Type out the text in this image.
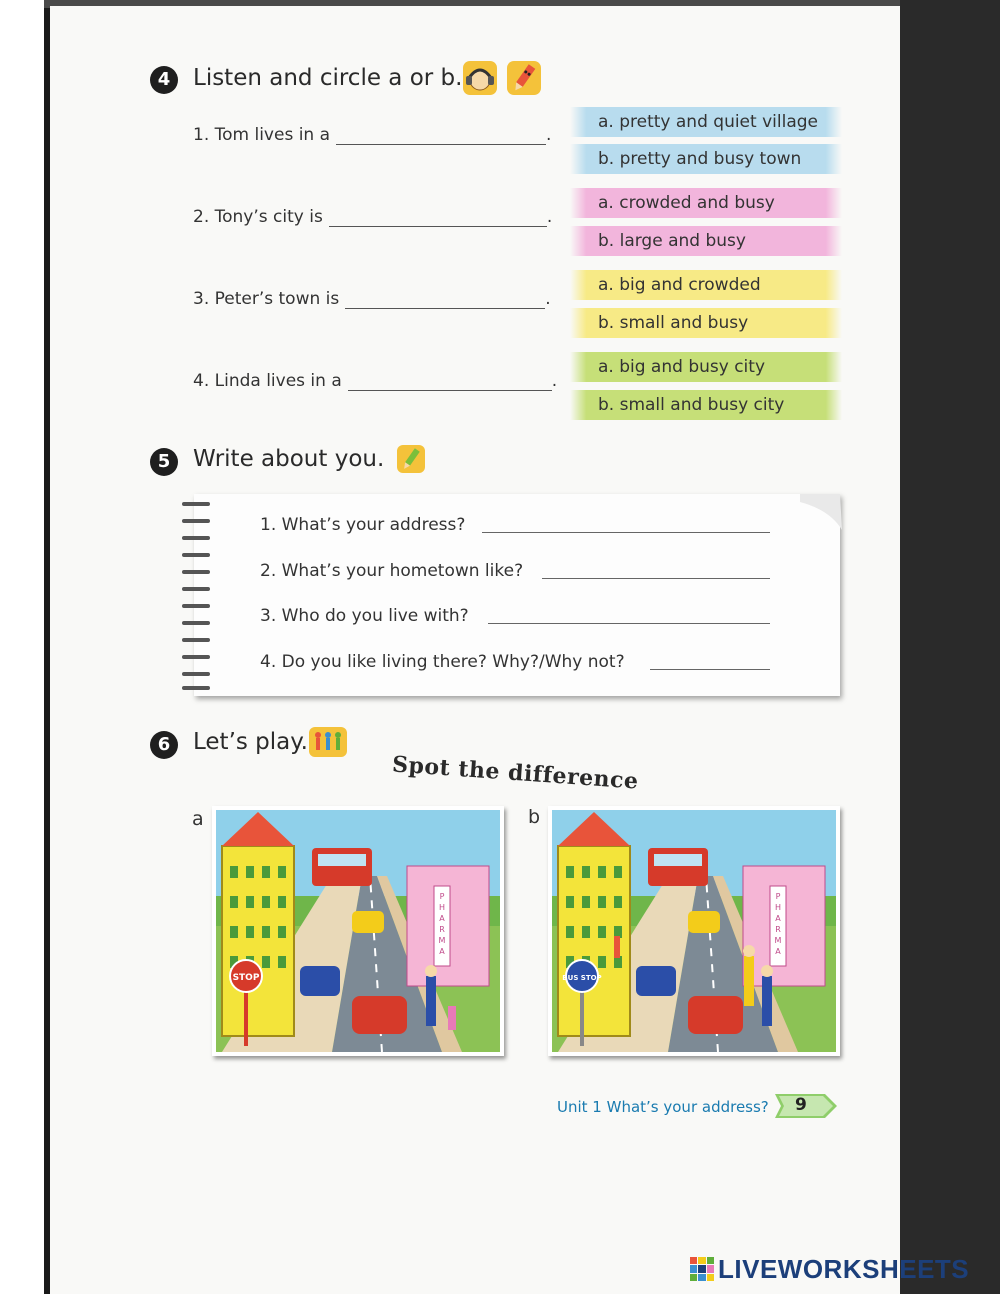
4 Listen and circle a or b.
1. Tom lives in a	.
a. pretty and quiet village
b. pretty and busy town
2. Tony’s city is	.
a. crowded and busy
b. large and busy
3. Peter’s town is	.
a. big and crowded
b. small and busy
4. Linda lives in a	.
a. big and busy city
b. small and busy city
5 Write about you.
1. What’s your address?
2. What’s your hometown like?
3. Who do you live with?
4. Do you like living there? Why?/Why not?
6 Let’s play.
Spot the difference
a	b
P
H
A
R
M
A
STOP
P
H
A
R
M
A
BUS STOP
Unit 1 What’s your address? 9
LIVEWORKSHEETS
